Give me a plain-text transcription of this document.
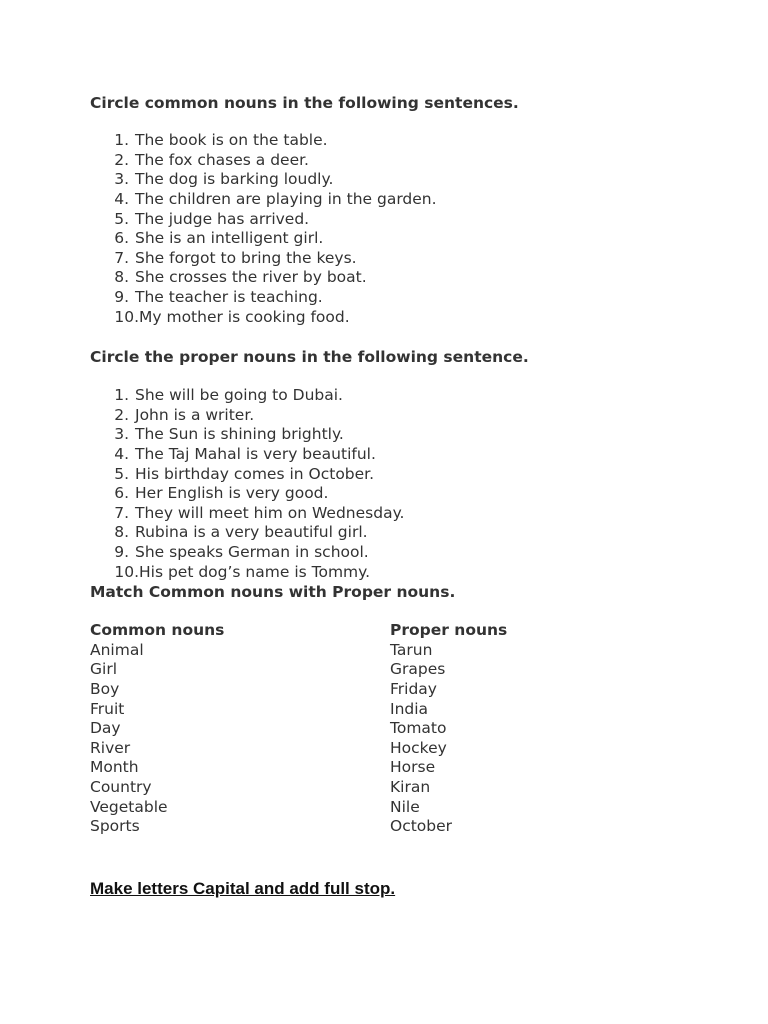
Circle common nouns in the following sentences.
1. The book is on the table.
2. The fox chases a deer.
3. The dog is barking loudly.
4. The children are playing in the garden.
5. The judge has arrived.
6. She is an intelligent girl.
7. She forgot to bring the keys.
8. She crosses the river by boat.
9. The teacher is teaching.
10. My mother is cooking food.
Circle the proper nouns in the following sentence.
1. She will be going to Dubai.
2. John is a writer.
3. The Sun is shining brightly.
4. The Taj Mahal is very beautiful.
5. His birthday comes in October.
6. Her English is very good.
7. They will meet him on Wednesday.
8. Rubina is a very beautiful girl.
9. She speaks German in school.
10. His pet dog’s name is Tommy.
Match Common nouns with Proper nouns.
Common nouns
Animal
Girl
Boy
Fruit
Day
River
Month
Country
Vegetable
Sports
Proper nouns
Tarun
Grapes
Friday
India
Tomato
Hockey
Horse
Kiran
Nile
October
Make letters Capital and add full stop.
